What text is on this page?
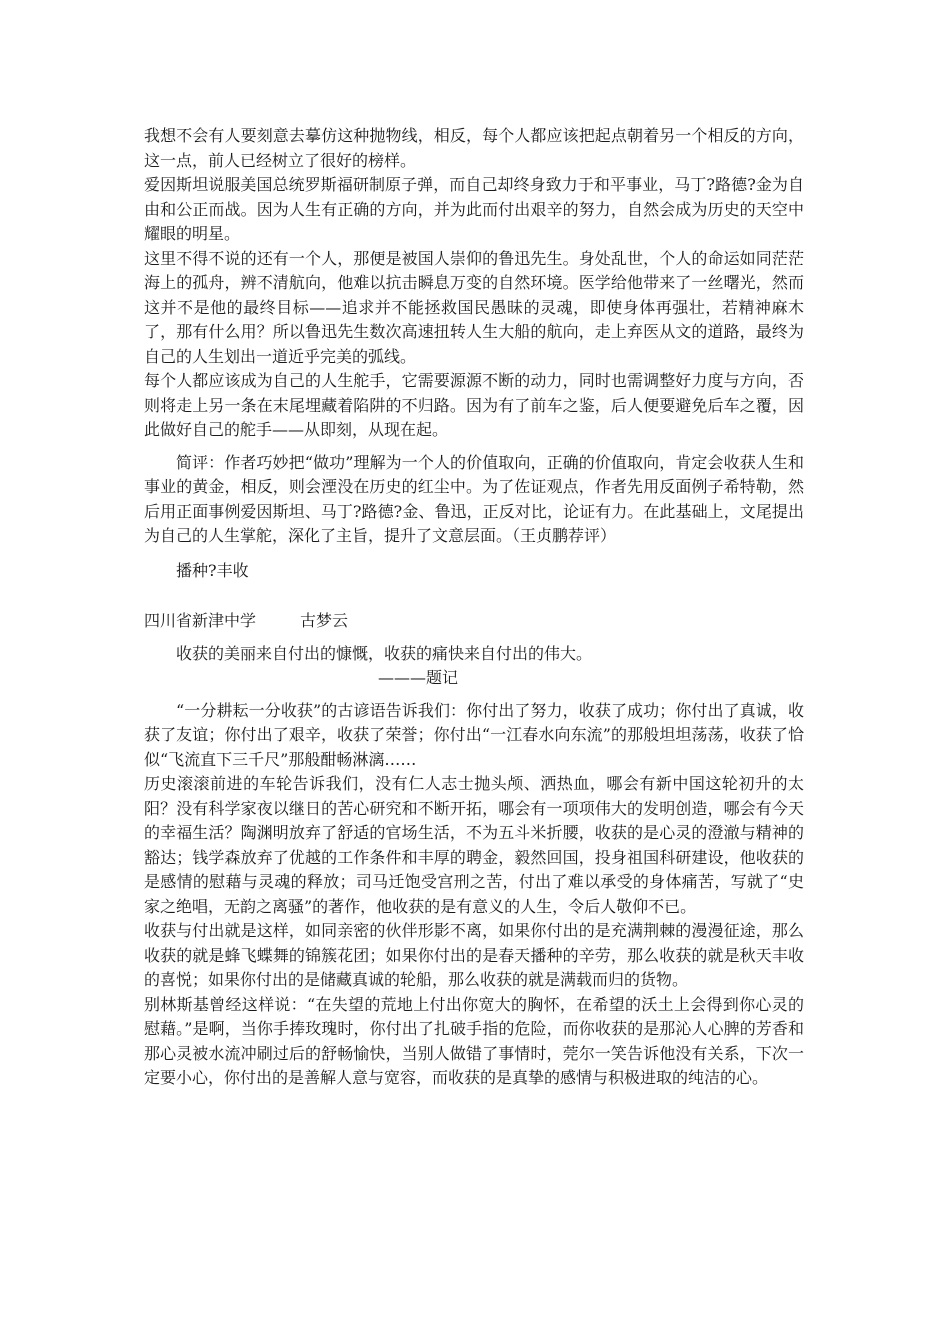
我想不会有人要刻意去摹仿这种抛物线，相反，每个人都应该把起点朝着另一个相反的方向，这一点，前人已经树立了很好的榜样。

爱因斯坦说服美国总统罗斯福研制原子弹，而自己却终身致力于和平事业，马丁?路德?金为自由和公正而战。因为人生有正确的方向，并为此而付出艰辛的努力，自然会成为历史的天空中耀眼的明星。

这里不得不说的还有一个人，那便是被国人崇仰的鲁迅先生。身处乱世，个人的命运如同茫茫海上的孤舟，辨不清航向，他难以抗击瞬息万变的自然环境。医学给他带来了一丝曙光，然而这并不是他的最终目标——追求并不能拯救国民愚昧的灵魂，即使身体再强壮，若精神麻木了，那有什么用？所以鲁迅先生数次高速扭转人生大船的航向，走上弃医从文的道路，最终为自己的人生划出一道近乎完美的弧线。

每个人都应该成为自己的人生舵手，它需要源源不断的动力，同时也需调整好力度与方向，否则将走上另一条在末尾埋藏着陷阱的不归路。因为有了前车之鉴，后人便要避免后车之覆，因此做好自己的舵手——从即刻，从现在起。

简评：作者巧妙把“做功”理解为一个人的价值取向，正确的价值取向，肯定会收获人生和事业的黄金，相反，则会湮没在历史的红尘中。为了佐证观点，作者先用反面例子希特勒，然后用正面事例爱因斯坦、马丁?路德?金、鲁迅，正反对比，论证有力。在此基础上，文尾提出为自己的人生掌舵，深化了主旨，提升了文意层面。（王贞鹏荐评）

播种?丰收

四川省新津中学	古梦云

收获的美丽来自付出的慷慨，收获的痛快来自付出的伟大。

———题记

“一分耕耘一分收获”的古谚语告诉我们：你付出了努力，收获了成功；你付出了真诚，收获了友谊；你付出了艰辛，收获了荣誉；你付出“一江春水向东流”的那般坦坦荡荡，收获了恰似“飞流直下三千尺”那般酣畅淋漓……

历史滚滚前进的车轮告诉我们，没有仁人志士抛头颅、洒热血，哪会有新中国这轮初升的太阳？没有科学家夜以继日的苦心研究和不断开拓，哪会有一项项伟大的发明创造，哪会有今天的幸福生活？陶渊明放弃了舒适的官场生活，不为五斗米折腰，收获的是心灵的澄澈与精神的豁达；钱学森放弃了优越的工作条件和丰厚的聘金，毅然回国，投身祖国科研建设，他收获的是感情的慰藉与灵魂的释放；司马迁饱受宫刑之苦，付出了难以承受的身体痛苦，写就了“史家之绝唱，无韵之离骚”的著作，他收获的是有意义的人生，令后人敬仰不已。

收获与付出就是这样，如同亲密的伙伴形影不离，如果你付出的是充满荆棘的漫漫征途，那么收获的就是蜂飞蝶舞的锦簇花团；如果你付出的是春天播种的辛劳，那么收获的就是秋天丰收的喜悦；如果你付出的是储藏真诚的轮船，那么收获的就是满载而归的货物。

别林斯基曾经这样说：“在失望的荒地上付出你宽大的胸怀，在希望的沃土上会得到你心灵的慰藉。”是啊，当你手捧玫瑰时，你付出了扎破手指的危险，而你收获的是那沁人心脾的芳香和那心灵被水流冲刷过后的舒畅愉快，当别人做错了事情时，莞尔一笑告诉他没有关系，下次一定要小心，你付出的是善解人意与宽容，而收获的是真挚的感情与积极进取的纯洁的心。
